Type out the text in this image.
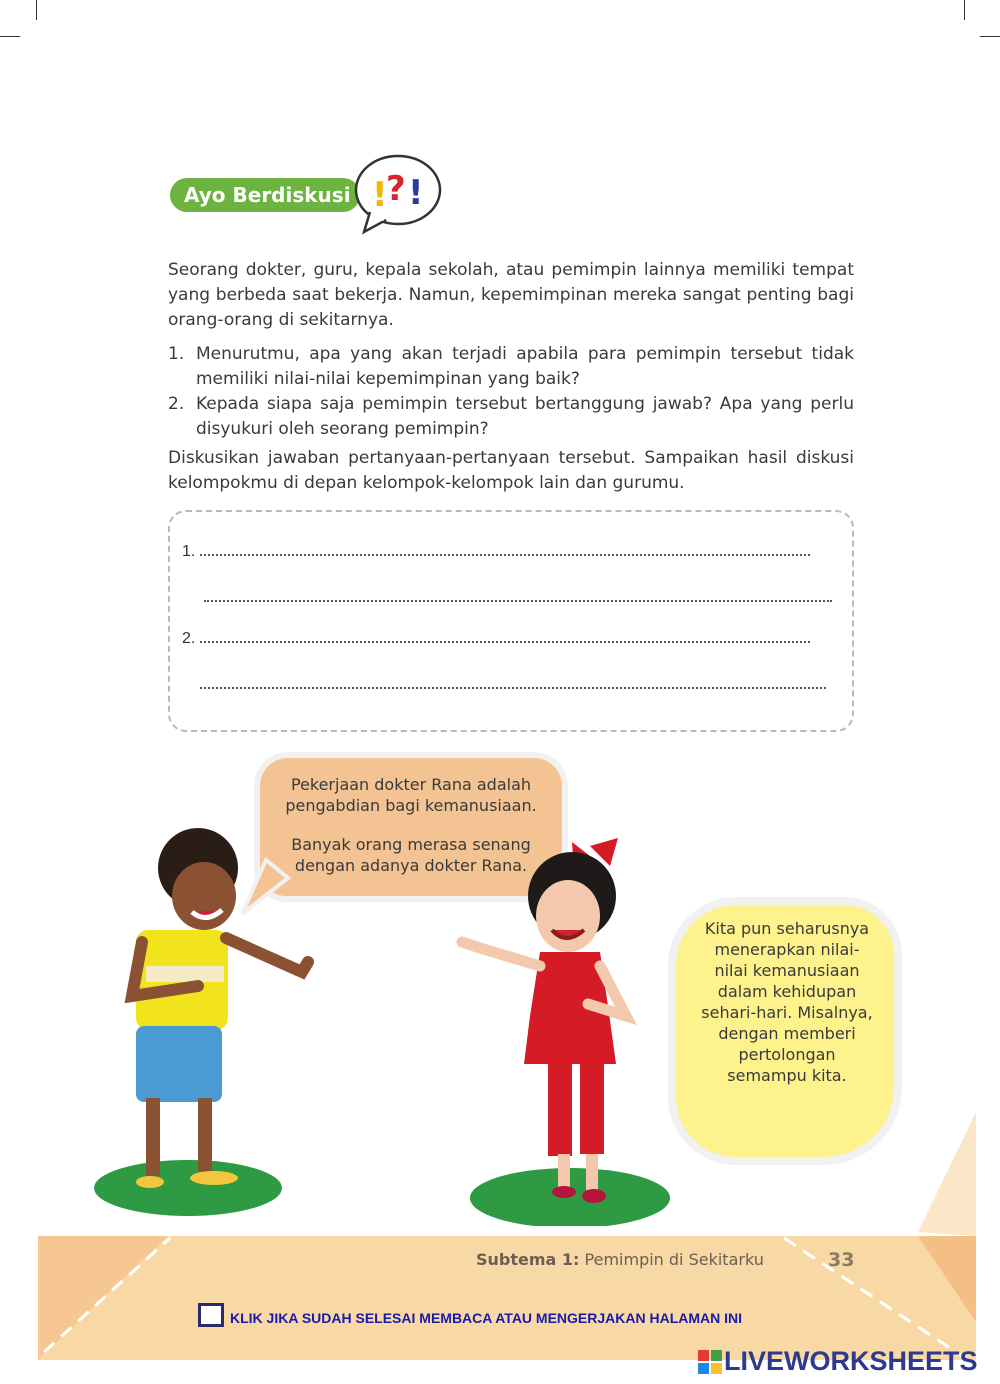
Ayo Berdiskusi !
? !

Seorang dokter, guru, kepala sekolah, atau pemimpin lainnya memiliki tempat yang berbeda saat bekerja. Namun, kepemimpinan mereka sangat penting bagi orang-orang di sekitarnya.

1. Menurutmu, apa yang akan terjadi apabila para pemimpin tersebut tidak memiliki nilai-nilai kepemimpinan yang baik?
2. Kepada siapa saja pemimpin tersebut bertanggung jawab? Apa yang perlu disyukuri oleh seorang pemimpin?

Diskusikan jawaban pertanyaan-pertanyaan tersebut. Sampaikan hasil diskusi kelompokmu di depan kelompok-kelompok lain dan gurumu.

1.
2.
Pekerjaan dokter Rana adalah pengabdian bagi kemanusiaan.
Banyak orang merasa senang dengan adanya dokter Rana.
Kita pun seharusnya menerapkan nilai-nilai kemanusiaan dalam kehidupan sehari-hari. Misalnya, dengan memberi pertolongan semampu kita.
Subtema 1: Pemimpin di Sekitarku	33
KLIK JIKA SUDAH SELESAI MEMBACA ATAU MENGERJAKAN HALAMAN INI
LIVEWORKSHEETS
